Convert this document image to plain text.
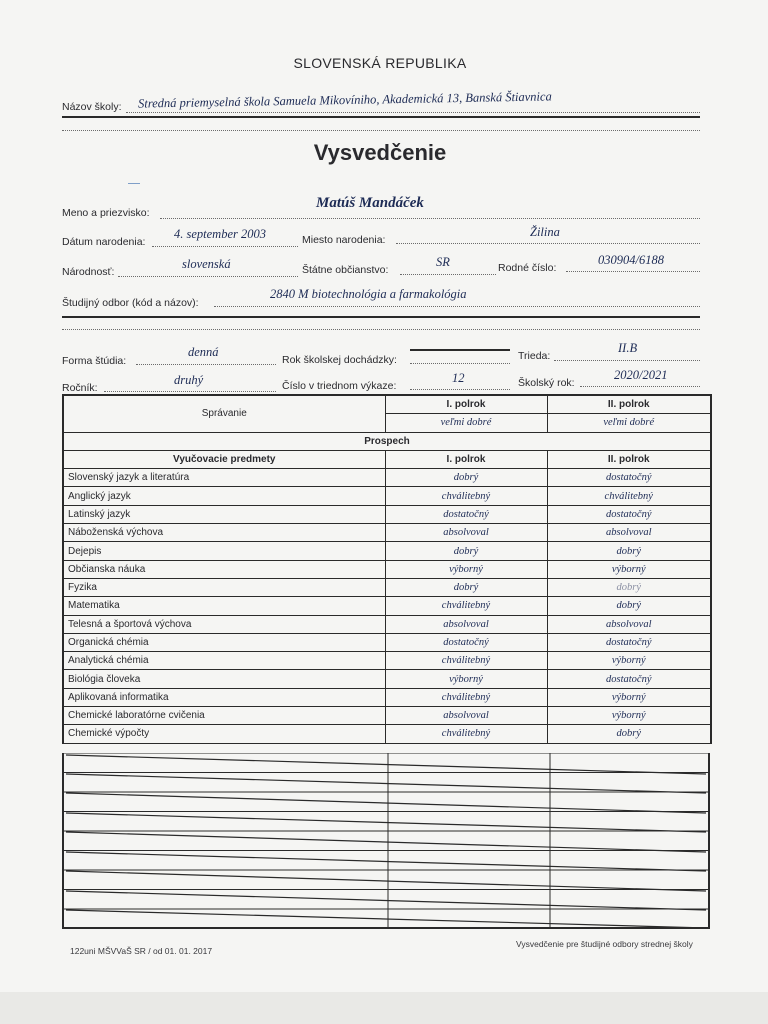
SLOVENSKÁ REPUBLIKA
Názov školy: Stredná priemyselná škola Samuela Mikovíniho, Akademická 13, Banská Štiavnica
Vysvedčenie
Meno a priezvisko:
Matúš Mandáček
Dátum narodenia:
4. september 2003	Miesto narodenia:
Žilina
Národnosť:
slovenská	Štátne občianstvo:
SR	Rodné číslo:
030904/6188
Študijný odbor (kód a názov):
2840 M biotechnológia a farmakológia
Forma štúdia:
denná
Rok školskej dochádzky:	Trieda:
II.B
Ročník:
druhý	Číslo v triednom výkaze:
12	Školský rok:
2020/2021
Správanie	I. polrok	II. polrok
	veľmi dobré	veľmi dobré
Prospech		
Vyučovacie predmety	I. polrok	II. polrok
Slovenský jazyk a literatúra	dobrý	dostatočný
Anglický jazyk	chválitebný	chválitebný
Latinský jazyk	dostatočný	dostatočný
Náboženská výchova	absolvoval	absolvoval
Dejepis	dobrý	dobrý
Občianska náuka	výborný	výborný
Fyzika	dobrý	dobrý
Matematika	chválitebný	dobrý
Telesná a športová výchova	absolvoval	absolvoval
Organická chémia	dostatočný	dostatočný
Analytická chémia	chválitebný	výborný
Biológia človeka	výborný	dostatočný
Aplikovaná informatika	chválitebný	výborný
Chemické laboratórne cvičenia	absolvoval	výborný
Chemické výpočty	chválitebný	dobrý
122uni MŠVVaŠ SR / od 01. 01. 2017
Vysvedčenie pre študijné odbory strednej školy
